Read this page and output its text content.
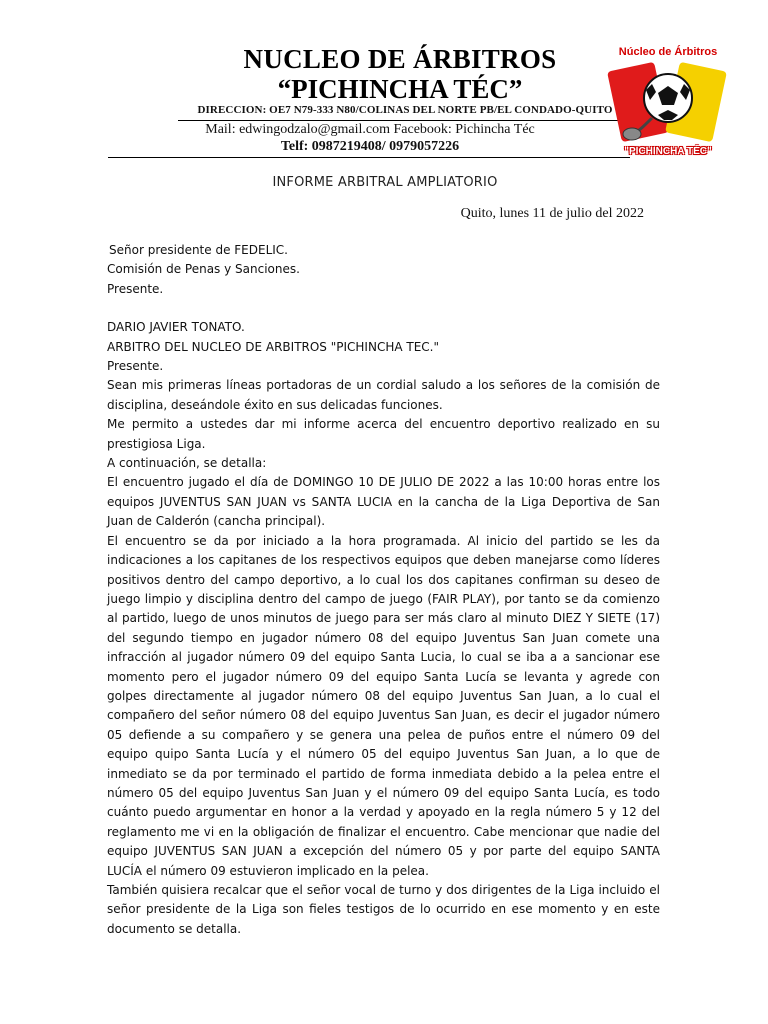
NUCLEO DE ÁRBITROS
“PICHINCHA TÉC”
DIRECCION: OE7 N79-333 N80/COLINAS DEL NORTE PB/EL CONDADO-QUITO
Mail: edwingodzalo@gmail.com Facebook: Pichincha Téc
Telf: 0987219408/ 0979057226
Núcleo de Árbitros
"PICHINCHA TÉC"
INFORME ARBITRAL AMPLIATORIO
Quito, lunes 11 de julio del 2022
Señor presidente de FEDELIC.
Comisión de Penas y Sanciones.
Presente.
DARIO JAVIER TONATO.
ARBITRO DEL NUCLEO DE ARBITROS "PICHINCHA TEC."
Presente.
Sean mis primeras líneas portadoras de un cordial saludo a los señores de la comisión de disciplina, deseándole éxito en sus delicadas funciones.
Me permito a ustedes dar mi informe acerca del encuentro deportivo realizado en su prestigiosa Liga.
A continuación, se detalla:
El encuentro jugado el día de DOMINGO 10 DE JULIO DE 2022 a las 10:00 horas entre los equipos JUVENTUS SAN JUAN vs SANTA LUCIA en la cancha de la Liga Deportiva de San Juan de Calderón (cancha principal).
El encuentro se da por iniciado a la hora programada. Al inicio del partido se les da indicaciones a los capitanes de los respectivos equipos que deben manejarse como líderes positivos dentro del campo deportivo, a lo cual los dos capitanes confirman su deseo de juego limpio y disciplina dentro del campo de juego (FAIR PLAY), por tanto se da comienzo al partido, luego de unos minutos de juego para ser más claro al minuto DIEZ Y SIETE (17) del segundo tiempo en jugador número 08 del equipo Juventus San Juan comete una infracción al jugador número 09 del equipo Santa Lucia, lo cual se iba a a sancionar ese momento pero el jugador número 09 del equipo Santa Lucía se levanta y agrede con golpes directamente al jugador número 08 del equipo Juventus San Juan, a lo cual el compañero del señor número 08 del equipo Juventus San Juan, es decir el jugador número 05 defiende a su compañero y se genera una pelea de puños entre el número 09 del equipo quipo Santa Lucía y el número 05 del equipo Juventus San Juan, a lo que de inmediato se da por terminado el partido de forma inmediata debido a la pelea entre el número 05 del equipo Juventus San Juan y el número 09 del equipo Santa Lucía, es todo cuánto puedo argumentar en honor a la verdad y apoyado en la regla número 5 y 12 del reglamento me vi en la obligación de finalizar el encuentro. Cabe mencionar que nadie del equipo JUVENTUS SAN JUAN a excepción del número 05 y por parte del equipo SANTA LUCÍA el número 09 estuvieron implicado en la pelea.
También quisiera recalcar que el señor vocal de turno y dos dirigentes de la Liga incluido el señor presidente de la Liga son fieles testigos de lo ocurrido en ese momento y en este documento se detalla.
